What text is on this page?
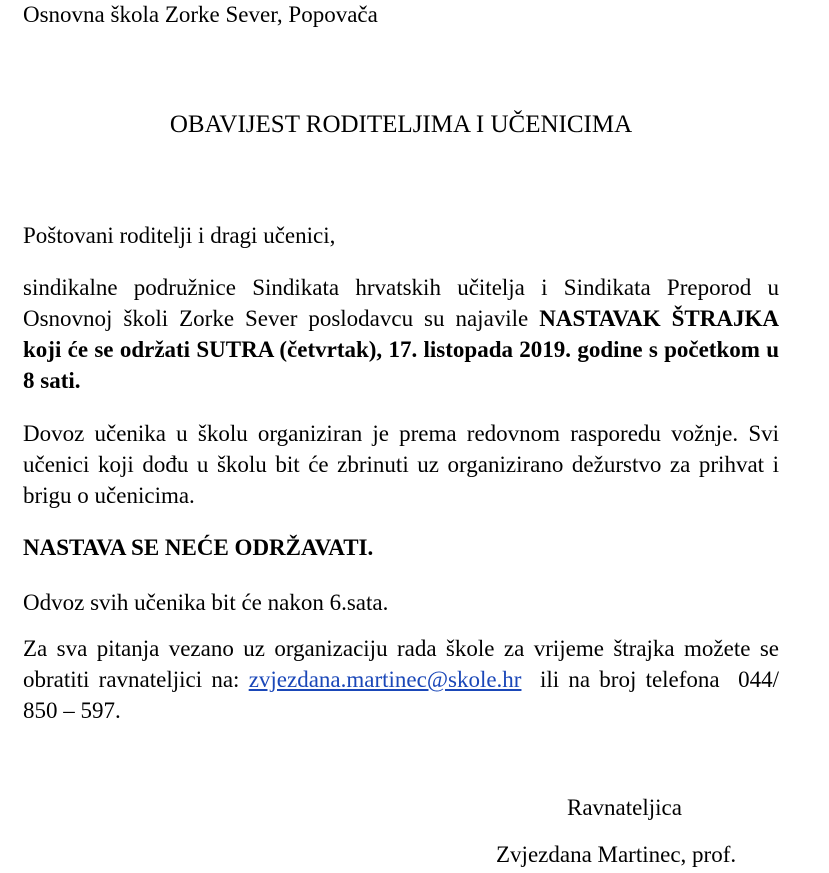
Osnovna škola Zorke Sever, Popovača
OBAVIJEST RODITELJIMA I UČENICIMA
Poštovani roditelji i dragi učenici,
sindikalne podružnice Sindikata hrvatskih učitelja i Sindikata Preporod u Osnovnoj školi Zorke Sever poslodavcu su najavile NASTAVAK ŠTRAJKA koji će se održati SUTRA (četvrtak), 17. listopada 2019. godine s početkom u 8 sati.
Dovoz učenika u školu organiziran je prema redovnom rasporedu vožnje. Svi učenici koji dođu u školu bit će zbrinuti uz organizirano dežurstvo za prihvat i brigu o učenicima.
NASTAVA SE NEĆE ODRŽAVATI.
Odvoz svih učenika bit će nakon 6.sata.
Za sva pitanja vezano uz organizaciju rada škole za vrijeme štrajka možete se obratiti ravnateljici na: zvjezdana.martinec@skole.hr  ili na broj telefona  044/ 850 – 597.
Ravnateljica
Zvjezdana Martinec, prof.
